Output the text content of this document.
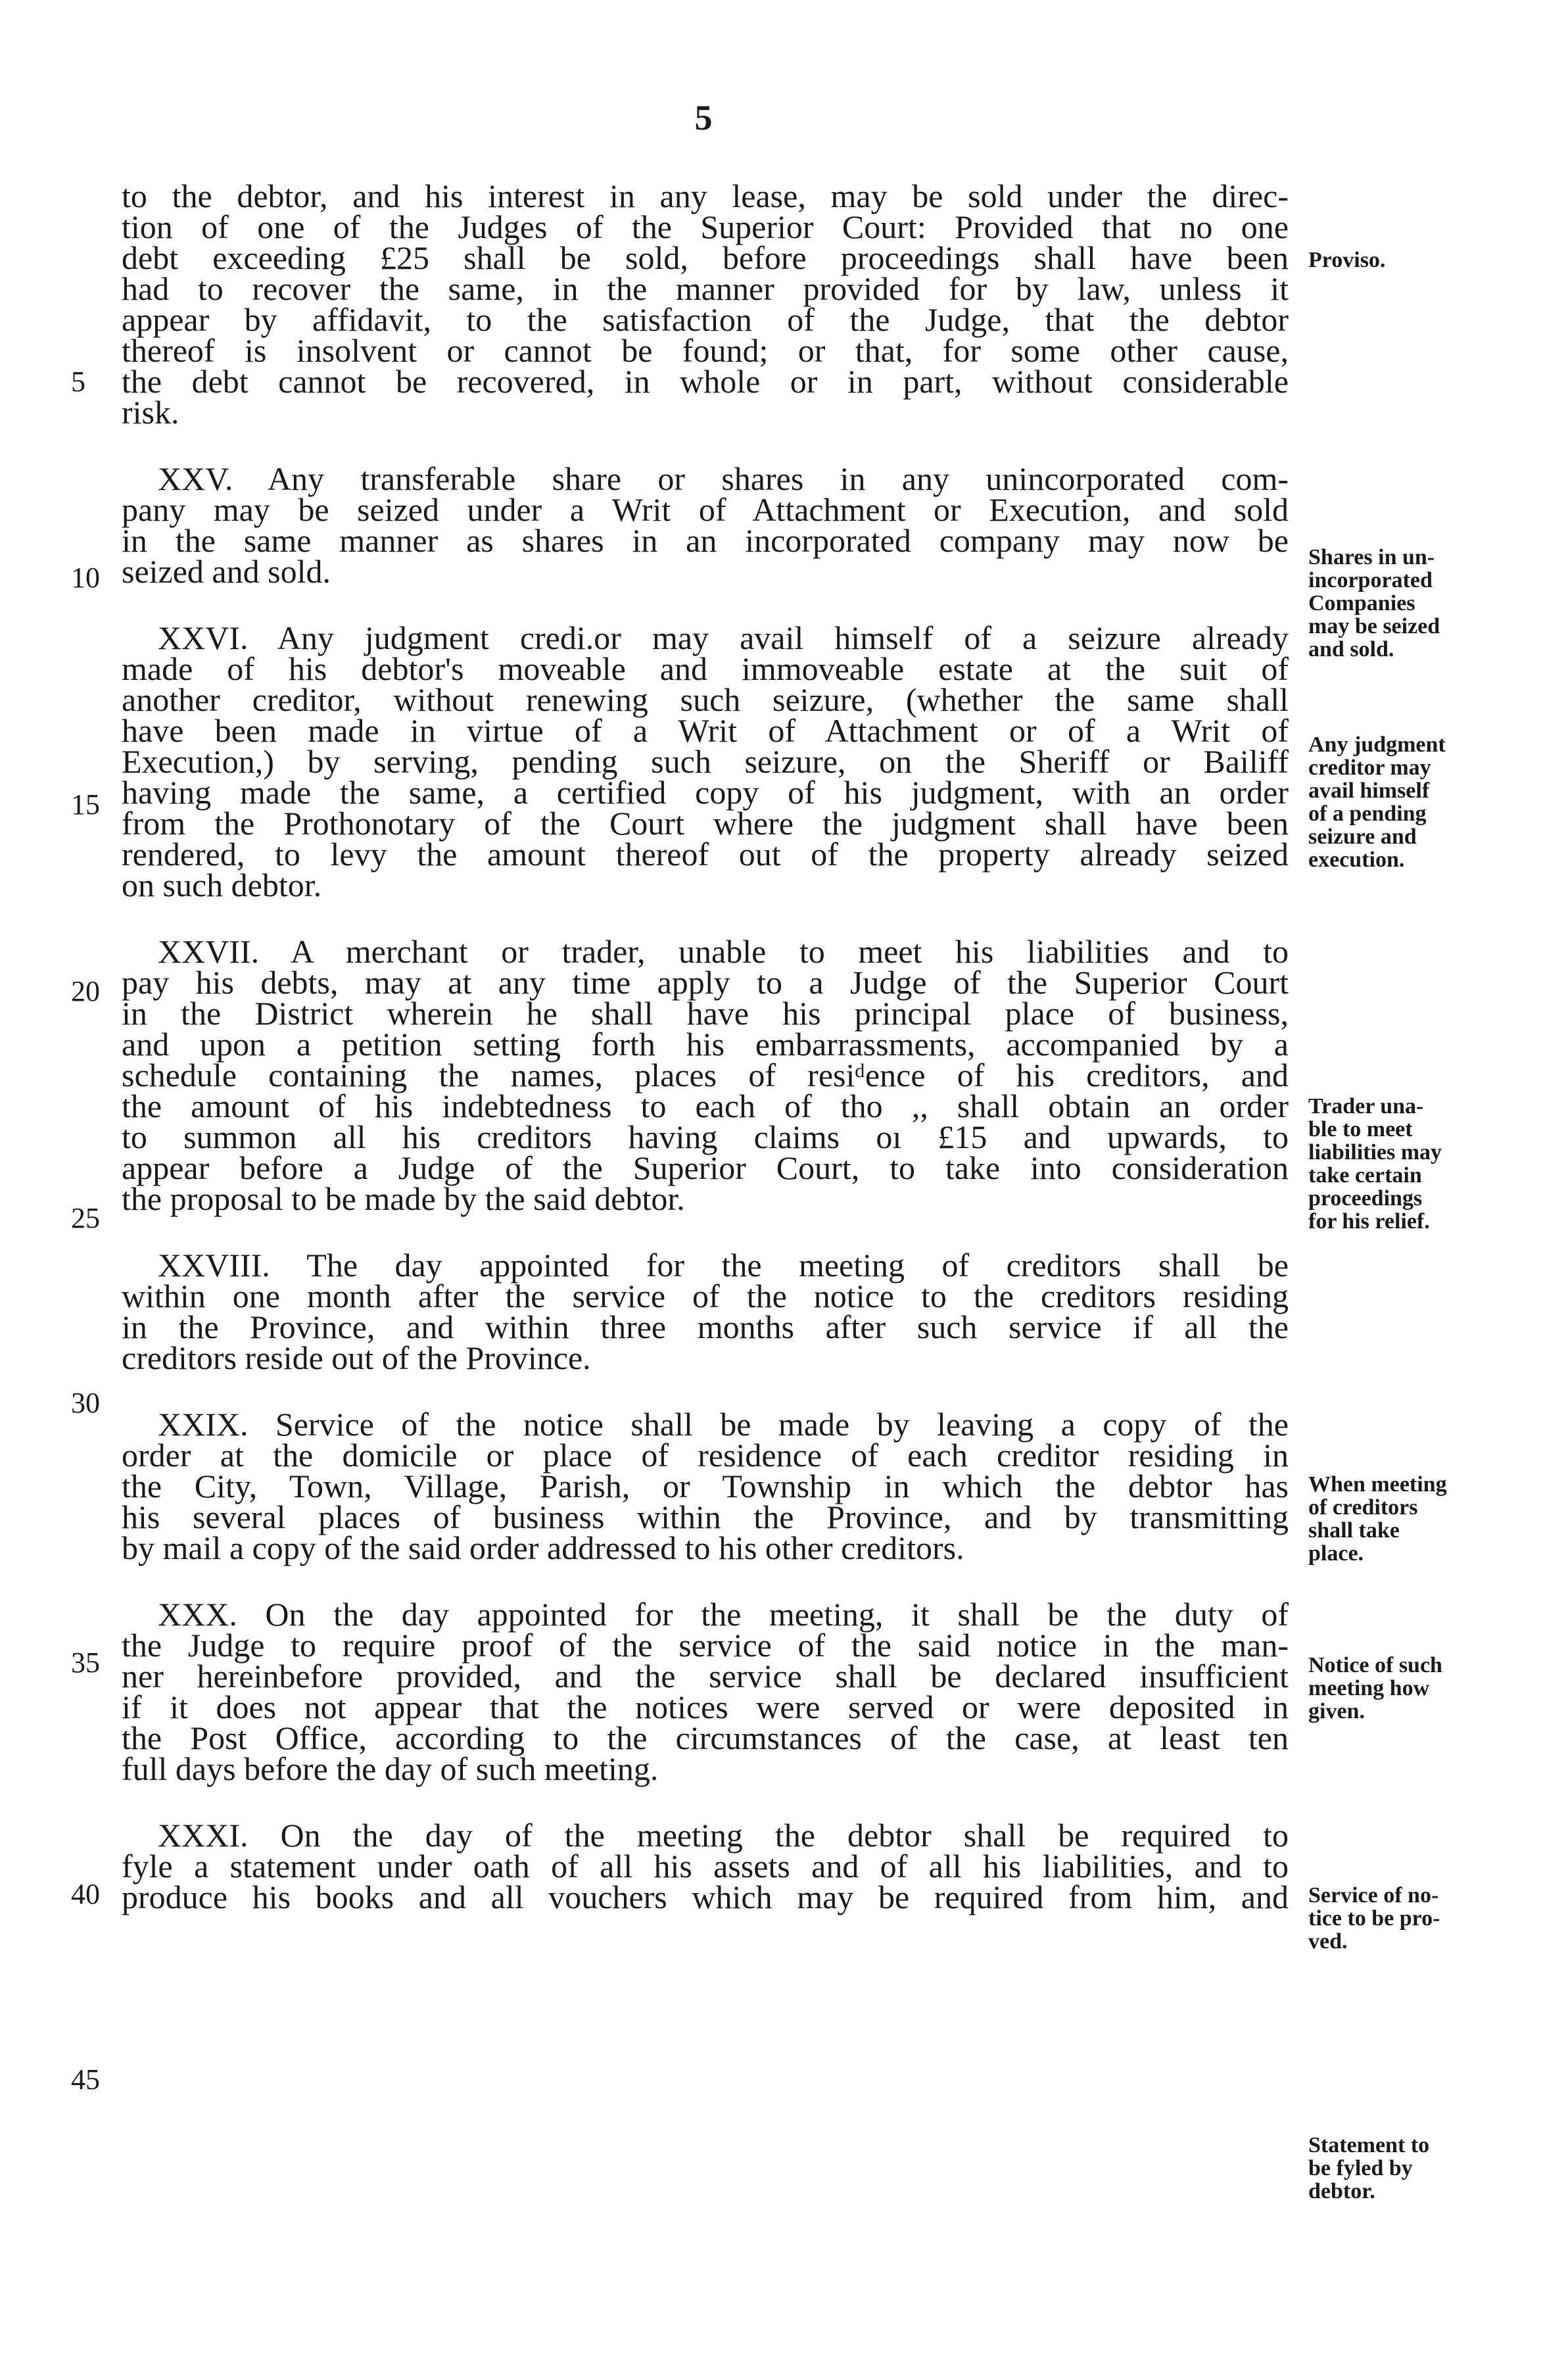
5
to the debtor, and his interest in any lease, may be sold under the direc-
tion of one of the Judges of the Superior Court: Provided that no one
debt exceeding £25 shall be sold, before proceedings shall have been
had to recover the same, in the manner provided for by law, unless it
appear by affidavit, to the satisfaction of the Judge, that the debtor
thereof is insolvent or cannot be found; or that, for some other cause,
the debt cannot be recovered, in whole or in part, without considerable
risk.
XXV. Any transferable share or shares in any unincorporated com-
pany may be seized under a Writ of Attachment or Execution, and sold
in the same manner as shares in an incorporated company may now be
seized and sold.
XXVI. Any judgment credi.or may avail himself of a seizure already
made of his debtor's moveable and immoveable estate at the suit of
another creditor, without renewing such seizure, (whether the same shall
have been made in virtue of a Writ of Attachment or of a Writ of
Execution,) by serving, pending such seizure, on the Sheriff or Bailiff
having made the same, a certified copy of his judgment, with an order
from the Prothonotary of the Court where the judgment shall have been
rendered, to levy the amount thereof out of the property already seized
on such debtor.
XXVII. A merchant or trader, unable to meet his liabilities and to
pay his debts, may at any time apply to a Judge of the Superior Court
in the District wherein he shall have his principal place of business,
and upon a petition setting forth his embarrassments, accompanied by a
schedule containing the names, places of resiᵈence of his creditors, and
the amount of his indebtedness to each of thο ,, shall obtain an order
to summon all his creditors having claims oı £15 and upwards, to
appear before a Judge of the Superior Court, to take into consideration
the proposal to be made by the said debtor.
XXVIII. The day appointed for the meeting of creditors shall be
within one month after the service of the notice to the creditors residing
in the Province, and within three months after such service if all the
creditors reside out of the Province.
XXIX. Service of the notice shall be made by leaving a copy of the
order at the domicile or place of residence of each creditor residing in
the City, Town, Village, Parish, or Township in which the debtor has
his several places of business within the Province, and by transmitting
by mail a copy of the said order addressed to his other creditors.
XXX. On the day appointed for the meeting, it shall be the duty of
the Judge to require proof of the service of the said notice in the man-
ner hereinbefore provided, and the service shall be declared insufficient
if it does not appear that the notices were served or were deposited in
the Post Office, according to the circumstances of the case, at least ten
full days before the day of such meeting.
XXXI. On the day of the meeting the debtor shall be required to
fyle a statement under oath of all his assets and of all his liabilities, and to
produce his books and all vouchers which may be required from him, and
5
10
15
20
25
30
35
40
45
Proviso.
Shares in un-
incorporated
Companies
may be seized
and sold.
Any judgment
creditor may
avail himself
of a pending
seizure and
execution.
Trader una-
ble to meet
liabilities may
take certain
proceedings
for his relief.
When meeting
of creditors
shall take
place.
Notice of such
meeting how
given.
Service of no-
tice to be pro-
ved.
Statement to
be fyled by
debtor.
